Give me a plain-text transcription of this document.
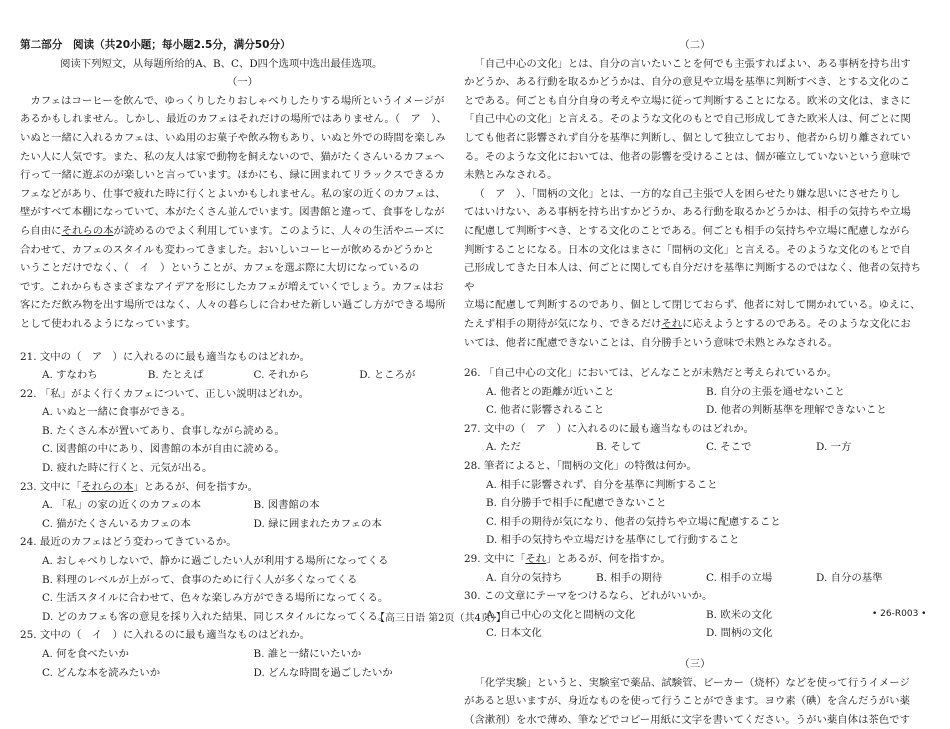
第二部分　阅读（共20小题；每小题2.5分，满分50分）
阅读下列短文，从每题所给的A、B、C、D四个选项中选出最佳选项。
（一）
カフェはコーヒーを飲んで、ゆっくりしたりおしゃべりしたりする場所というイメージが
あるかもしれません。しかし、最近のカフェはそれだけの場所ではありません。（　ア　）、
いぬと一緒に入れるカフェは、いぬ用のお菓子や飲み物もあり、いぬと外での時間を楽しみ
たい人に人気です。また、私の友人は家で動物を飼えないので、猫がたくさんいるカフェへ
行って一緒に遊ぶのが楽しいと言っています。ほかにも、緑に囲まれてリラックスできるカ
フェなどがあり、仕事で疲れた時に行くとよいかもしれません。私の家の近くのカフェは、
壁がすべて本棚になっていて、本がたくさん並んでいます。図書館と違って、食事をしなが
ら自由にそれらの本が読めるのでよく利用しています。このように、人々の生活やニーズに
合わせて、カフェのスタイルも変わってきました。おいしいコーヒーが飲めるかどうかと
いうことだけでなく、（　イ　）ということが、カフェを選ぶ際に大切になっているの
です。これからもさまざまなアイデアを形にしたカフェが増えていくでしょう。カフェはお
客にただ飲み物を出す場所ではなく、人々の暮らしに合わせた新しい過ごし方ができる場所
として使われるようになっています。
21. 文中の（　ア　）に入れるのに最も適当なものはどれか。
A. すなわち	B. たとえば	C. それから	D. ところが
22. 「私」がよく行くカフェについて、正しい説明はどれか。
A. いぬと一緒に食事ができる。
B. たくさん本が置いてあり、食事しながら読める。
C. 図書館の中にあり、図書館の本が自由に読める。
D. 疲れた時に行くと、元気が出る。
23. 文中に「それらの本」とあるが、何を指すか。
A. 「私」の家の近くのカフェの本	B. 図書館の本
C. 猫がたくさんいるカフェの本	D. 緑に囲まれたカフェの本
24. 最近のカフェはどう変わってきているか。
A. おしゃべりしないで、静かに過ごしたい人が利用する場所になってくる
B. 料理のレベルが上がって、食事のために行く人が多くなってくる
C. 生活スタイルに合わせて、色々な楽しみ方ができる場所になってくる。
D. どのカフェも客の意見を採り入れた結果、同じスタイルになってくる。
25. 文中の（　イ　）に入れるのに最も適当なものはどれか。
A. 何を食べたいか	B. 誰と一緒にいたいか
C. どんな本を読みたいか	D. どんな時間を過ごしたいか
（二）
「自己中心の文化」とは、自分の言いたいことを何でも主張すればよい、ある事柄を持ち出す
かどうか、ある行動を取るかどうかは、自分の意見や立場を基準に判断すべき、とする文化のこ
とである。何ごとも自分自身の考えや立場に従って判断することになる。欧米の文化は、まさに
「自己中心の文化」と言える。そのような文化のもとで自己形成してきた欧米人は、何ごとに関
しても他者に影響されず自分を基準に判断し、個として独立しており、他者から切り離されてい
る。そのような文化においては、他者の影響を受けることは、個が確立していないという意味で
未熟とみなされる。
（　ア　）、「間柄の文化」とは、一方的な自己主張で人を困らせたり嫌な思いにさせたりし
てはいけない、ある事柄を持ち出すかどうか、ある行動を取るかどうかは、相手の気持ちや立場
に配慮して判断すべき、とする文化のことである。何ごとも相手の気持ちや立場に配慮しながら
判断することになる。日本の文化はまさに「間柄の文化」と言える。そのような文化のもとで自
己形成してきた日本人は、何ごとに関しても自分だけを基準に判断するのではなく、他者の気持ちや
立場に配慮して判断するのであり、個として閉じておらず、他者に対して開かれている。ゆえに、
たえず相手の期待が気になり、できるだけそれに応えようとするのである。そのような文化にお
いては、他者に配慮できないことは、自分勝手という意味で未熟とみなされる。
26. 「自己中心の文化」においては、どんなことが未熟だと考えられているか。
A. 他者との距離が近いこと	B. 自分の主張を通せないこと
C. 他者に影響されること	D. 他者の判断基準を理解できないこと
27. 文中の（　ア　）に入れるのに最も適当なものはどれか。
A. ただ	B. そして	C. そこで	D. 一方
28. 筆者によると、「間柄の文化」の特徴は何か。
A. 相手に影響されず、自分を基準に判断すること
B. 自分勝手で相手に配慮できないこと
C. 相手の期待が気になり、他者の気持ちや立場に配慮すること
D. 相手の気持ちや立場だけを基準にして行動すること
29. 文中に「それ」とあるが、何を指すか。
A. 自分の気持ち	B. 相手の期待	C. 相手の立場	D. 自分の基準
30. この文章にテーマをつけるなら、どれがいいか。
A. 自己中心の文化と間柄の文化	B. 欧米の文化
C. 日本文化	D. 間柄の文化
（三）
「化学実験」というと、実験室で薬品、試験管、ビーカー（烧杯）などを使って行うイメージ
があると思いますが、身近なものを使って行うことができます。ヨウ素（碘）を含んだうがい薬
（含漱剂）を水で薄め、筆などでコピー用紙に文字を書いてください。うがい薬自体は茶色です
【高三日语 第2页（共4页）】	• 26-R003 •
